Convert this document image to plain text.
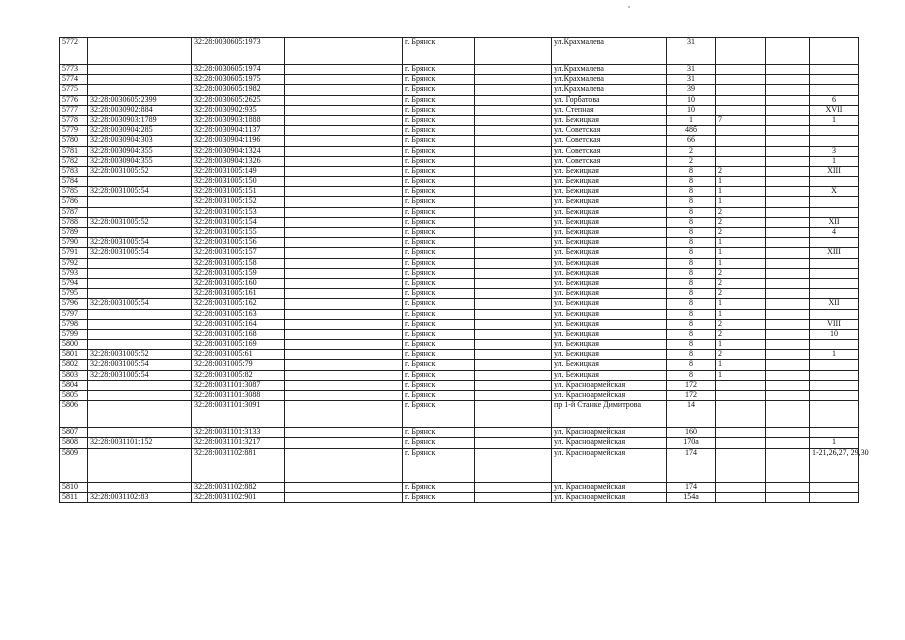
5772		32:28:0030605:1973		г. Брянск		ул.Крахмалева	31			
5773		32:28:0030605:1974		г. Брянск		ул.Крахмалева	31			
5774		32:28:0030605:1975		г. Брянск		ул.Крахмалева	31			
5775		32:28:0030605:1982		г. Брянск		ул.Крахмалева	39			
5776	32:28:0030605:2399	32:28:0030605:2625		г. Брянск		ул. Горбатова	10			6
5777	32:28:0030902:884	32:28:0030902:935		г. Брянск		ул. Степная	10			XVII
5778	32:28:0030903:1789	32:28:0030903:1888		г. Брянск		ул. Бежицкая	1	7		1
5779	32:28:0030904:285	32:28:0030904:1137		г. Брянск		ул. Советская	48б			
5780	32:28:0030904:303	32:28:0030904:1196		г. Брянск		ул. Советская	66			
5781	32:28:0030904:355	32:28:0030904:1324		г. Брянск		ул. Советская	2			3
5782	32:28:0030904:355	32:28:0030904:1326		г. Брянск		ул. Советская	2			1
5783	32:28:0031005:52	32:28:0031005:149		г. Брянск		ул. Бежицкая	8	2		XIII
5784		32:28:0031005:150		г. Брянск		ул. Бежицкая	8	1		
5785	32:28:0031005:54	32:28:0031005:151		г. Брянск		ул. Бежицкая	8	1		X
5786		32:28:0031005:152		г. Брянск		ул. Бежицкая	8	1		
5787		32:28:0031005:153		г. Брянск		ул. Бежицкая	8	2		
5788	32:28:0031005:52	32:28:0031005:154		г. Брянск		ул. Бежицкая	8	2		XII
5789		32:28:0031005:155		г. Брянск		ул. Бежицкая	8	2		4
5790	32:28:0031005:54	32:28:0031005:156		г. Брянск		ул. Бежицкая	8	1		
5791	32:28:0031005:54	32:28:0031005:157		г. Брянск		ул. Бежицкая	8	1		XIII
5792		32:28:0031005:158		г. Брянск		ул. Бежицкая	8	1		
5793		32:28:0031005:159		г. Брянск		ул. Бежицкая	8	2		
5794		32:28:0031005:160		г. Брянск		ул. Бежицкая	8	2		
5795		32:28:0031005:161		г. Брянск		ул. Бежицкая	8	2		
5796	32:28:0031005:54	32:28:0031005:162		г. Брянск		ул. Бежицкая	8	1		XII
5797		32:28:0031005:163		г. Брянск		ул. Бежицкая	8	1		
5798		32:28:0031005:164		г. Брянск		ул. Бежицкая	8	2		VIII
5799		32:28:0031005:168		г. Брянск		ул. Бежицкая	8	2		10
5800		32:28:0031005:169		г. Брянск		ул. Бежицкая	8	1		
5801	32:28:0031005:52	32:28:0031005:61		г. Брянск		ул. Бежицкая	8	2		1
5802	32:28:0031005:54	32:28:0031005:79		г. Брянск		ул. Бежицкая	8	1		
5803	32:28:0031005:54	32:28:0031005:82		г. Брянск		ул. Бежицкая	8	1		
5804		32:28:0031101:3087		г. Брянск		ул. Красноармейская	172			
5805		32:28:0031101:3088		г. Брянск		ул. Красноармейская	172			
5806		32:28:0031101:3091		г. Брянск		пр 1-й Станке Димитрова	14			
5807		32:28:0031101:3133		г. Брянск		ул. Красноармейская	160			
5808	32:28:0031101:152	32:28:0031101:3217		г. Брянск		ул. Красноармейская	170а			1
5809		32:28:0031102:881		г. Брянск		ул. Красноармейская	174			1-21,26,27, 29,30
5810		32:28:0031102:882		г. Брянск		ул. Красноармейская	174			
5811	32:28:0031102:83	32:28:0031102:901		г. Брянск		ул. Красноармейская	154а			
